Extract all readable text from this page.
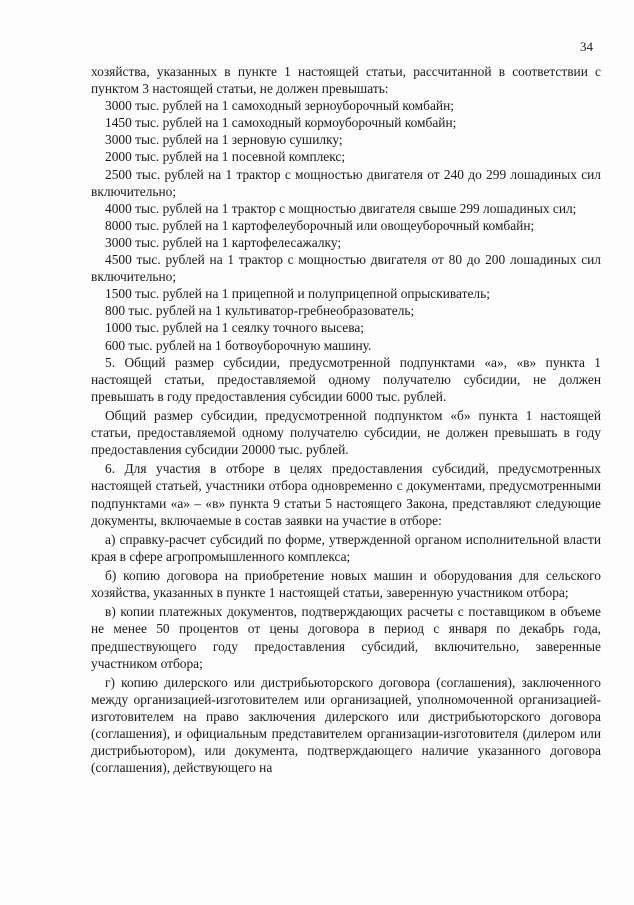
34

хозяйства, указанных в пункте 1 настоящей статьи, рассчитанной в соответствии с пунктом 3 настоящей статьи, не должен превышать:

3000 тыс. рублей на 1 самоходный зерноуборочный комбайн;

1450 тыс. рублей на 1 самоходный кормоуборочный комбайн;

3000 тыс. рублей на 1 зерновую сушилку;

2000 тыс. рублей на 1 посевной комплекс;

2500 тыс. рублей на 1 трактор с мощностью двигателя от 240 до 299 лошадиных сил включительно;

4000 тыс. рублей на 1 трактор с мощностью двигателя свыше 299 лошадиных сил;

8000 тыс. рублей на 1 картофелеуборочный или овощеуборочный комбайн;

3000 тыс. рублей на 1 картофелесажалку;

4500 тыс. рублей на 1 трактор с мощностью двигателя от 80 до 200 лошадиных сил включительно;

1500 тыс. рублей на 1 прицепной и полуприцепной опрыскиватель;

800 тыс. рублей на 1 культиватор-гребнеобразователь;

1000 тыс. рублей на 1 сеялку точного высева;

600 тыс. рублей на 1 ботвоуборочную машину.

5. Общий размер субсидии, предусмотренной подпунктами «а», «в» пункта 1 настоящей статьи, предоставляемой одному получателю субсидии, не должен превышать в году предоставления субсидии 6000 тыс. рублей.

Общий размер субсидии, предусмотренной подпунктом «б» пункта 1 настоящей статьи, предоставляемой одному получателю субсидии, не должен превышать в году предоставления субсидии 20000 тыс. рублей.

6. Для участия в отборе в целях предоставления субсидий, предусмотренных настоящей статьей, участники отбора одновременно с документами, предусмотренными подпунктами «а» – «в» пункта 9 статьи 5 настоящего Закона, представляют следующие документы, включаемые в состав заявки на участие в отборе:

а) справку-расчет субсидий по форме, утвержденной органом исполнительной власти края в сфере агропромышленного комплекса;

б) копию договора на приобретение новых машин и оборудования для сельского хозяйства, указанных в пункте 1 настоящей статьи, заверенную участником отбора;

в) копии платежных документов, подтверждающих расчеты с поставщиком в объеме не менее 50 процентов от цены договора в период с января по декабрь года, предшествующего году предоставления субсидий, включительно, заверенные участником отбора;

г) копию дилерского или дистрибьюторского договора (соглашения), заключенного между организацией-изготовителем или организацией, уполномоченной организацией-изготовителем на право заключения дилерского или дистрибьюторского договора (соглашения), и официальным представителем организации-изготовителя (дилером или дистрибьютором), или документа, подтверждающего наличие указанного договора (соглашения), действующего на
